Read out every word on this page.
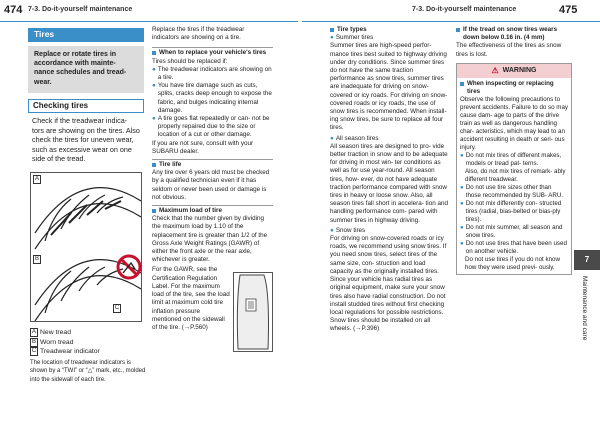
474 7-3. Do-it-yourself maintenance	7-3. Do-it-yourself maintenance	475
Tires
Replace or rotate tires in accordance with mainte- nance schedules and tread- wear.
Checking tires
Check if the treadwear indica- tors are showing on the tires. Also check the tires for uneven wear, such as excessive wear on one side of the tread.
A
B
C
A New tread
B Worn tread
C Treadwear indicator

The location of treadwear indicators is shown by a “TWI” or “△” mark, etc., molded into the sidewall of each tire.

Replace the tires if the treadwear indicators are showing on a tire.

When to replace your vehicle's tires

Tires should be replaced if:

● The treadwear indicators are showing on a tire.
● You have tire damage such as cuts, splits, cracks deep enough to expose the fabric, and bulges indicating internal damage.
● A tire goes flat repeatedly or can- not be properly repaired due to the size or location of a cut or other damage.

If you are not sure, consult with your SUBARU dealer.

Tire life

Any tire over 6 years old must be checked by a qualified technician even if it has seldom or never been used or damage is not obvious.

Maximum load of tire

Check that the number given by dividing the maximum load by 1.10 of the replacement tire is greater than 1/2 of the Gross Axle Weight Ratings (GAWR) of either the front axle or the rear axle, whichever is greater.

For the GAWR, see the Certification Regulation Label. For the maximum load of the tire, see the load limit at maximum cold tire inflation pressure mentioned on the sidewall of the tire. (→P.560)

Tire types
● Summer tires

Summer tires are high-speed perfor- mance tires best suited to highway driving under dry conditions. Since summer tires do not have the same traction performance as snow tires, summer tires are inadequate for driving on snow-covered or icy roads. For driving on snow-covered roads or icy roads, the use of snow tires is recommended. When install- ing snow tires, be sure to replace all four tires.

● All season tires

All season tires are designed to pro- vide better traction in snow and to be adequate for driving in most win- ter conditions as well as for use year-round. All season tires, how- ever, do not have adequate traction performance compared with snow tires in heavy or loose snow. Also, all season tires fall short in accelera- tion and handling performance com- pared with summer tires in highway driving.

● Snow tires

For driving on snow-covered roads or icy roads, we recommend using snow tires. If you need snow tires, select tires of the same size, con- struction and load capacity as the originally installed tires. Since your vehicle has radial tires as original equipment, make sure your snow tires also have radial construction. Do not install studded tires without first checking local regulations for possible restrictions. Snow tires should be installed on all wheels. (→P.396)

If the tread on snow tires wears down below 0.16 in. (4 mm)

The effectiveness of the tires as snow tires is lost.

⚠ WARNING
When inspecting or replacing tires

Observe the following precautions to prevent accidents. Failure to do so may cause dam- age to parts of the drive train as well as dangerous handling char- acteristics, which may lead to an accident resulting in death or seri- ous injury.

● Do not mix tires of different makes, models or tread pat- terns.
Also, do not mix tires of remark- ably different treadwear.
● Do not use tire sizes other than those recommended by SUB- ARU.
● Do not mix differently con- structed tires (radial, bias-belted or bias-ply tires).
● Do not mix summer, all season and snow tires.
● Do not use tires that have been used on another vehicle.
Do not use tires if you do not know how they were used previ- ously.
7
Maintenance and care
